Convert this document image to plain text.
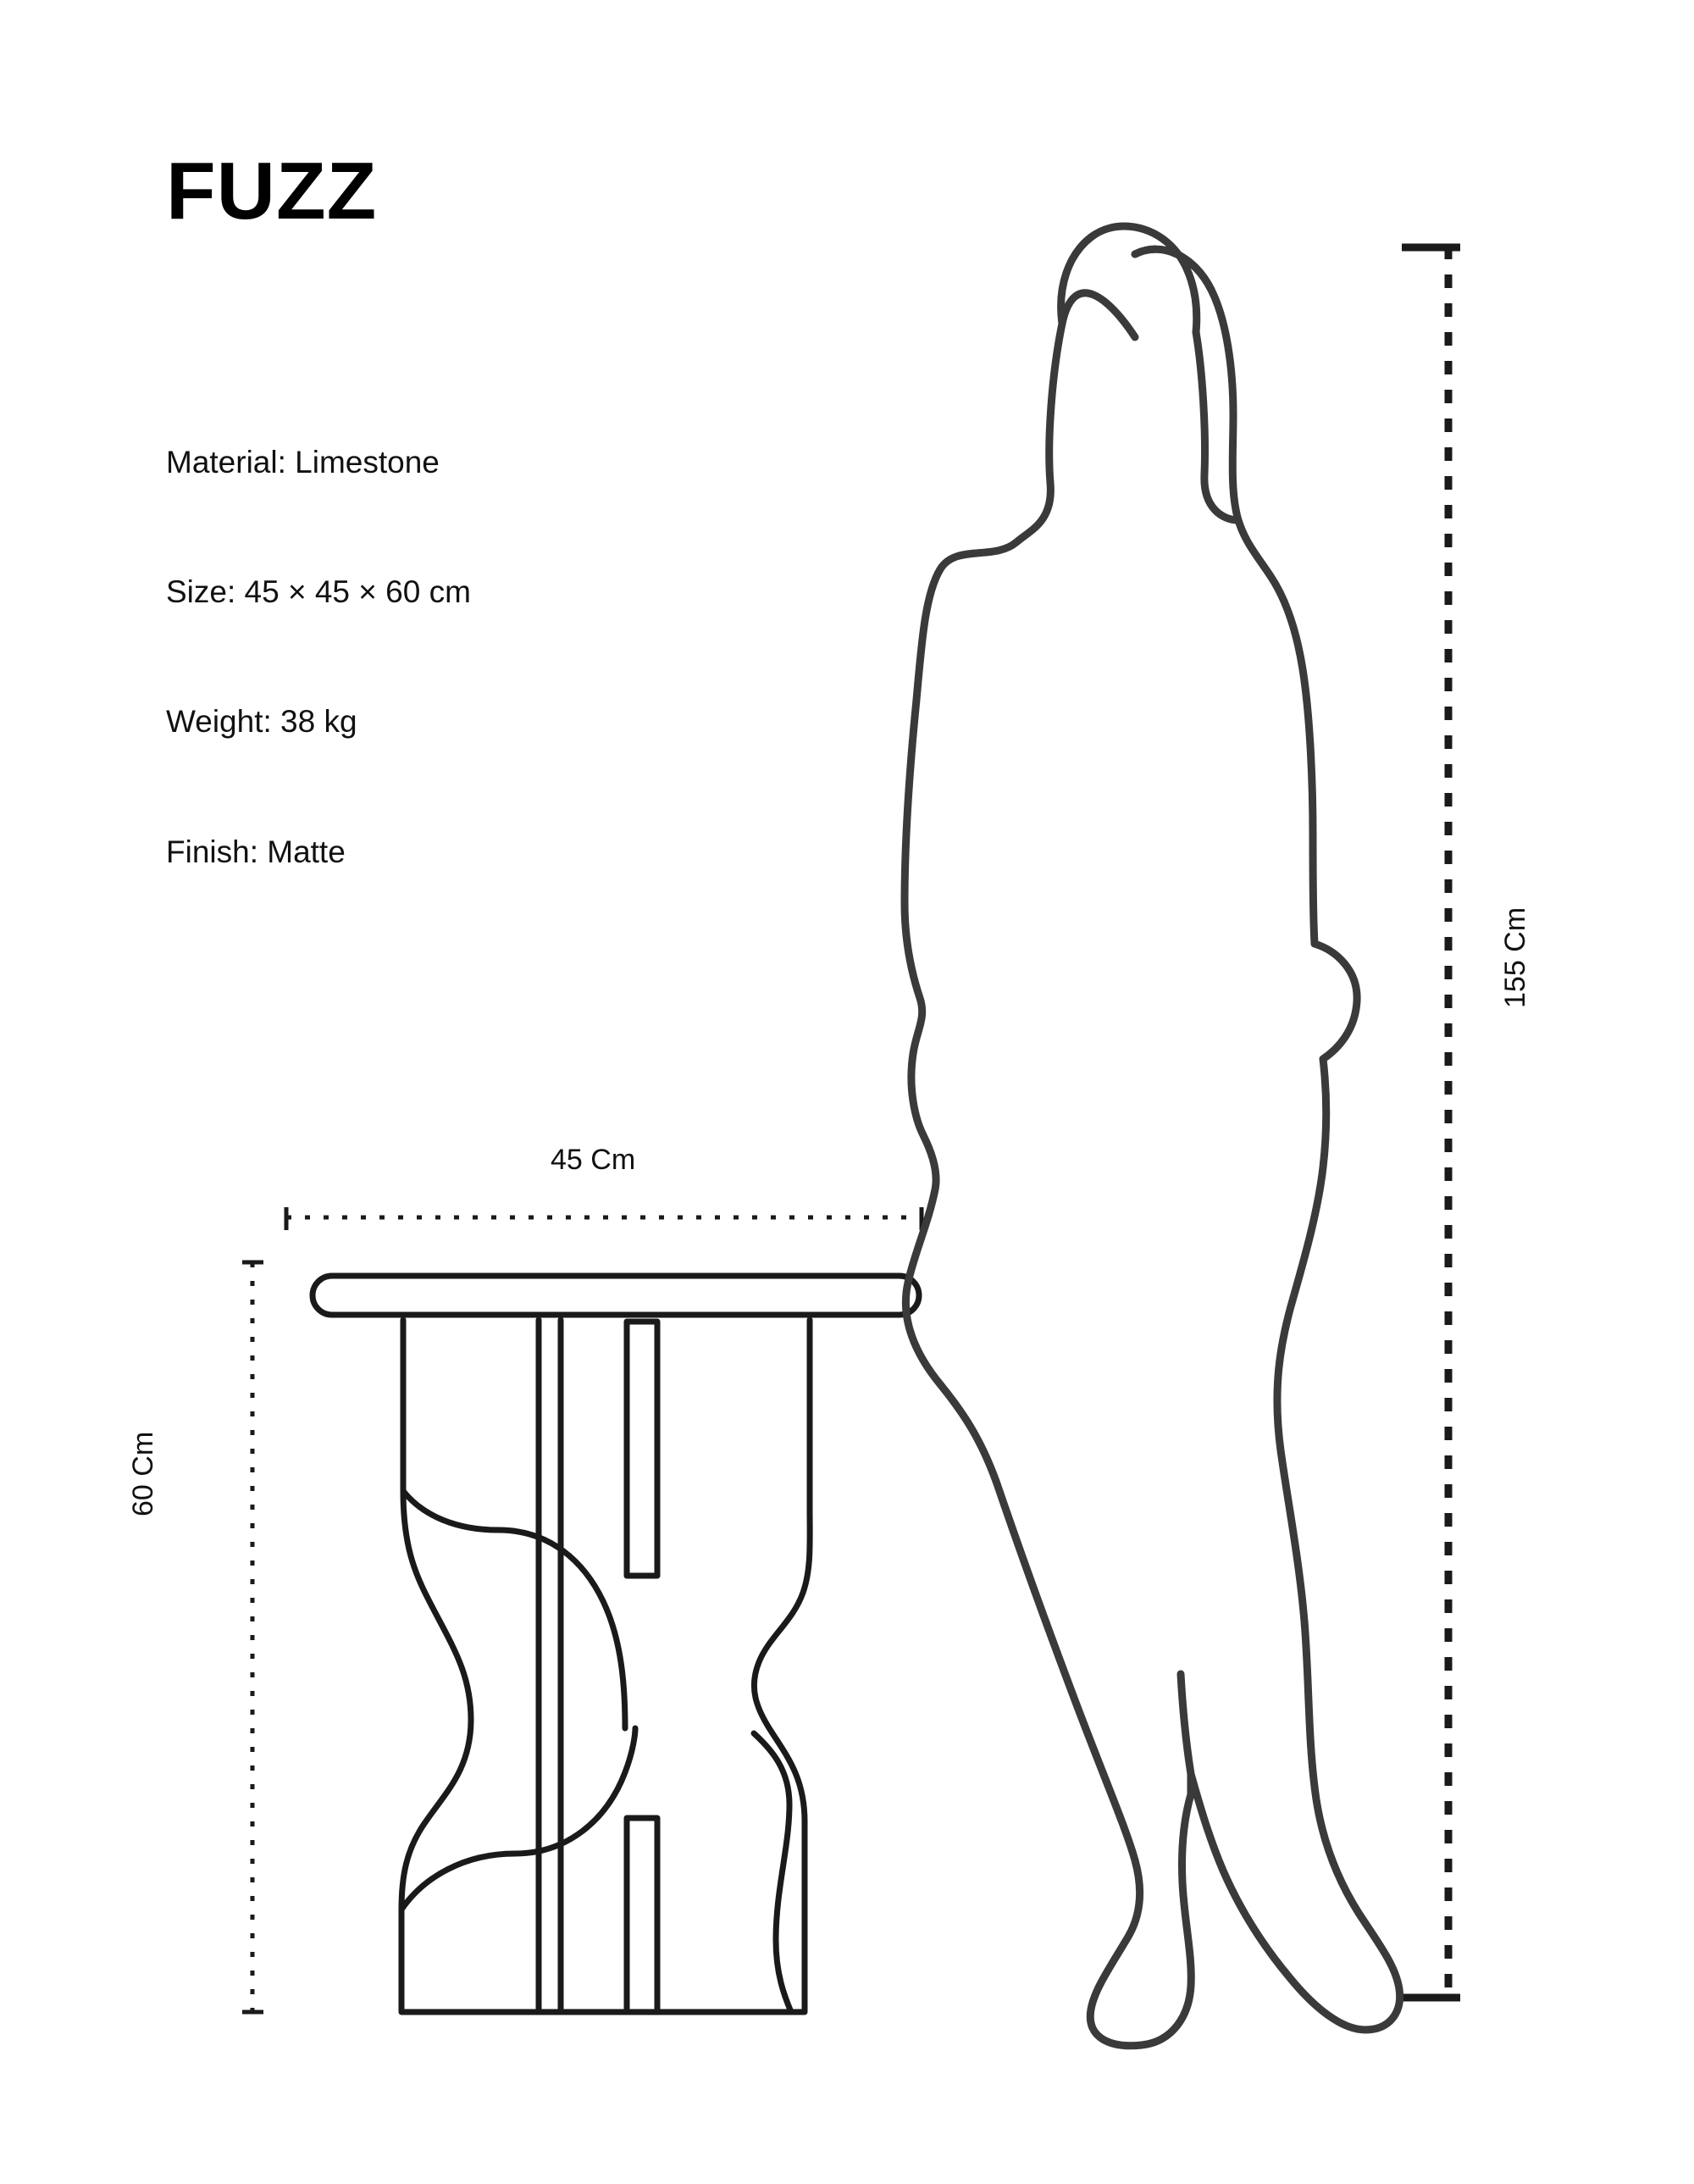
FUZZ

Material: Limestone

Size: 45 × 45 × 60 cm

Weight: 38 kg

Finish: Matte

45 Cm
60 Cm
155 Cm
